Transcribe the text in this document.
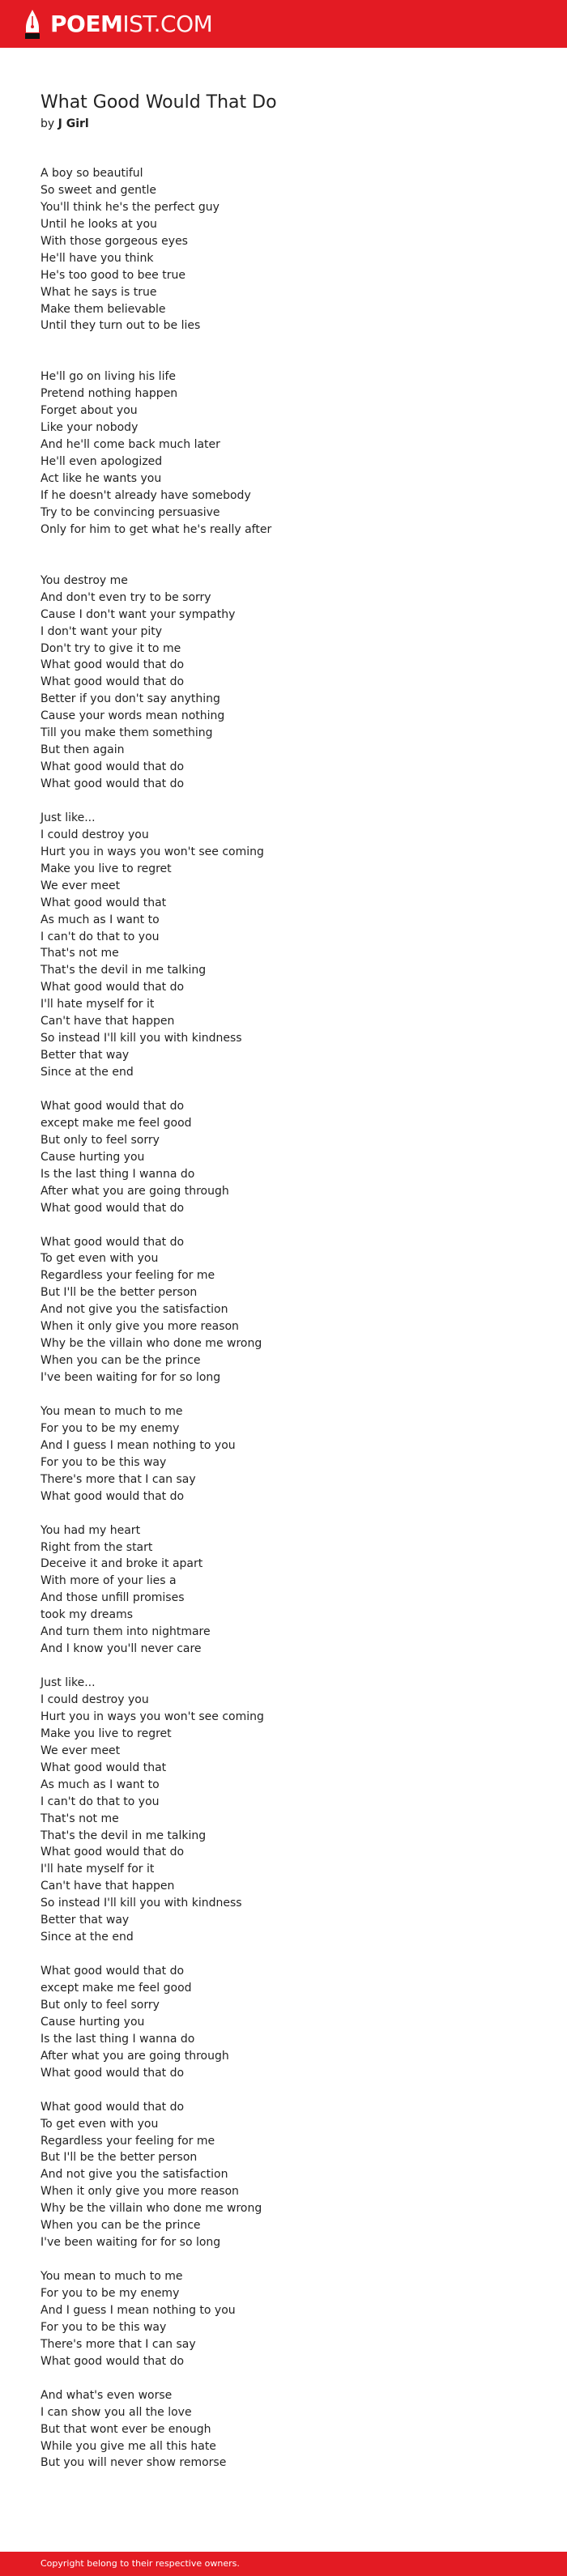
POEMIST.COM
What Good Would That Do
by J Girl
A boy so beautiful
So sweet and gentle
You'll think he's the perfect guy
Until he looks at you
With those gorgeous eyes
He'll have you think
He's too good to bee true
What he says is true
Make them believable
Until they turn out to be lies
He'll go on living his life
Pretend nothing happen
Forget about you
Like your nobody
And he'll come back much later
He'll even apologized
Act like he wants you
If he doesn't already have somebody
Try to be convincing persuasive
Only for him to get what he's really after
You destroy me
And don't even try to be sorry
Cause I don't want your sympathy
I don't want your pity
Don't try to give it to me
What good would that do
What good would that do
Better if you don't say anything
Cause your words mean nothing
Till you make them something
But then again
What good would that do
What good would that do
Just like...
I could destroy you
Hurt you in ways you won't see coming
Make you live to regret
We ever meet
What good would that
As much as I want to
I can't do that to you
That's not me
That's the devil in me talking
What good would that do
I'll hate myself for it
Can't have that happen
So instead I'll kill you with kindness
Better that way
Since at the end
What good would that do
except make me feel good
But only to feel sorry
Cause hurting you
Is the last thing I wanna do
After what you are going through
What good would that do
What good would that do
To get even with you
Regardless your feeling for me
But I'll be the better person
And not give you the satisfaction
When it only give you more reason
Why be the villain who done me wrong
When you can be the prince
I've been waiting for for so long
You mean to much to me
For you to be my enemy
And I guess I mean nothing to you
For you to be this way
There's more that I can say
What good would that do
You had my heart
Right from the start
Deceive it and broke it apart
With more of your lies a
And those unfill promises
took my dreams
And turn them into nightmare
And I know you'll never care
Just like...
I could destroy you
Hurt you in ways you won't see coming
Make you live to regret
We ever meet
What good would that
As much as I want to
I can't do that to you
That's not me
That's the devil in me talking
What good would that do
I'll hate myself for it
Can't have that happen
So instead I'll kill you with kindness
Better that way
Since at the end
What good would that do
except make me feel good
But only to feel sorry
Cause hurting you
Is the last thing I wanna do
After what you are going through
What good would that do
What good would that do
To get even with you
Regardless your feeling for me
But I'll be the better person
And not give you the satisfaction
When it only give you more reason
Why be the villain who done me wrong
When you can be the prince
I've been waiting for for so long
You mean to much to me
For you to be my enemy
And I guess I mean nothing to you
For you to be this way
There's more that I can say
What good would that do
And what's even worse
I can show you all the love
But that wont ever be enough
While you give me all this hate
But you will never show remorse
Copyright belong to their respective owners.
